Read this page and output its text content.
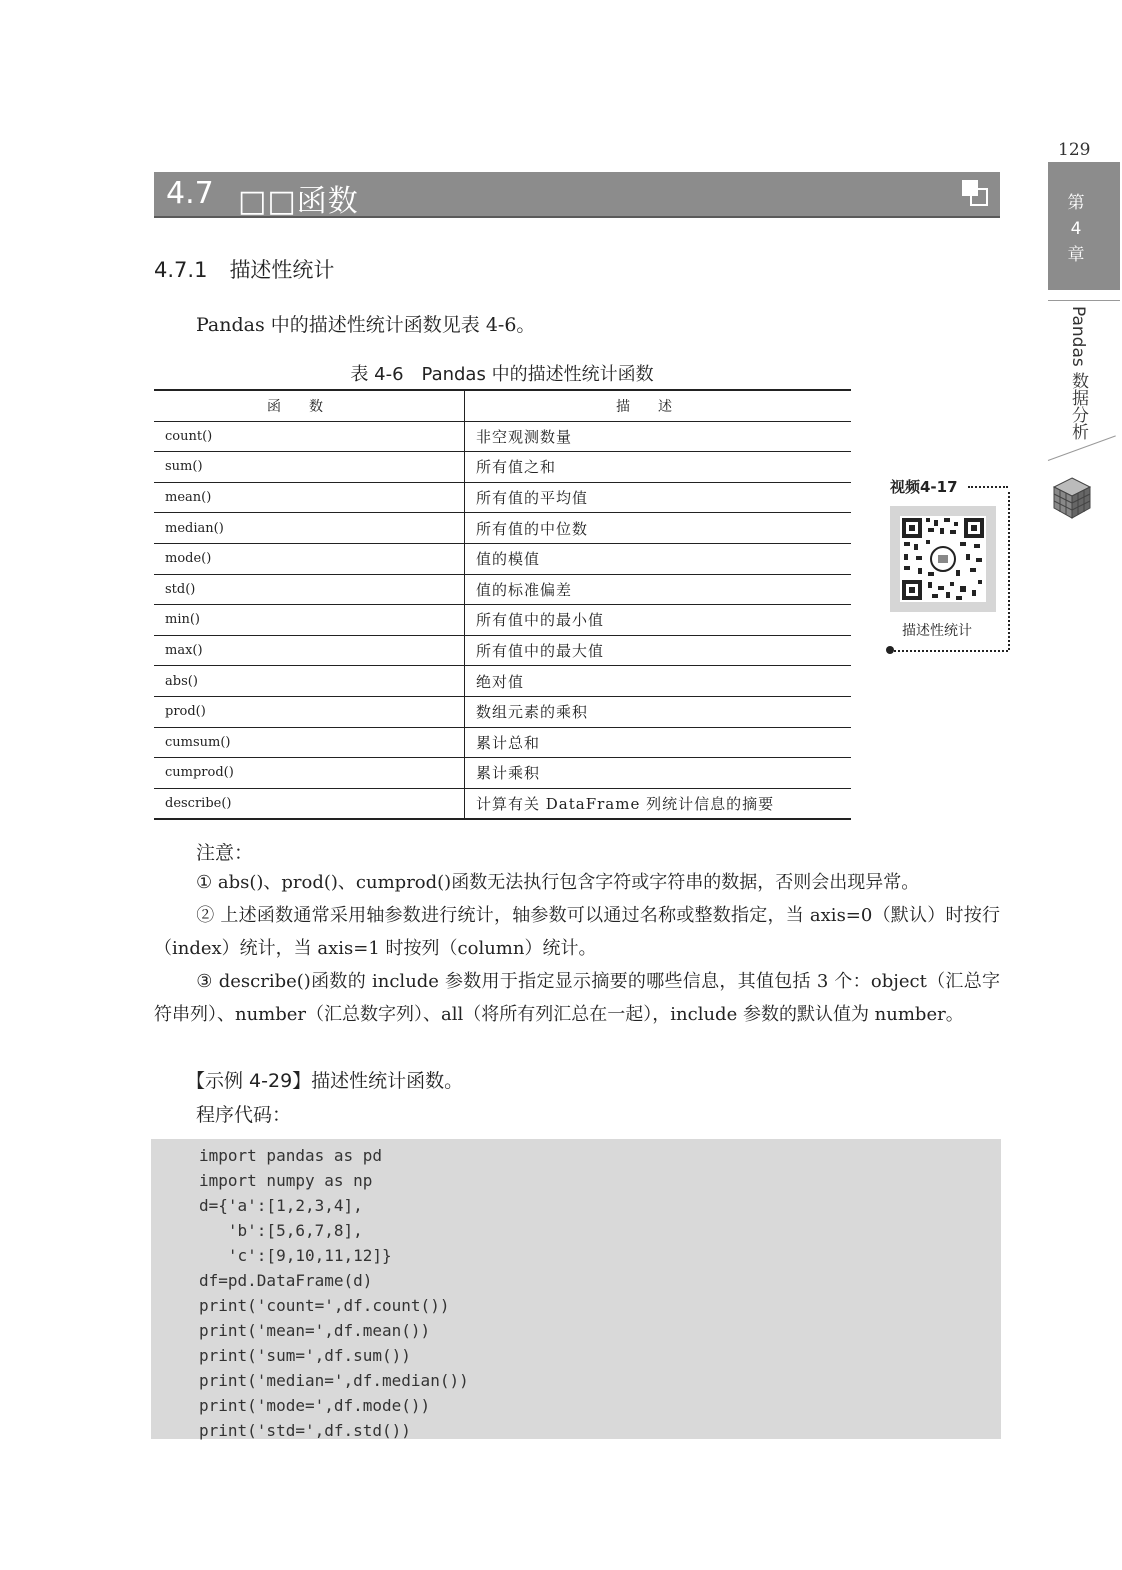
129
4.7 □□函数
4.7.1 描述性统计
Pandas 中的描述性统计函数见表 4-6。
表 4-6　Pandas 中的描述性统计函数
函数	描述
count()	非空观测数量
sum()	所有值之和
mean()	所有值的平均值
median()	所有值的中位数
mode()	值的模值
std()	值的标准偏差
min()	所有值中的最小值
max()	所有值中的最大值
abs()	绝对值
prod()	数组元素的乘积
cumsum()	累计总和
cumprod()	累计乘积
describe()	计算有关 DataFrame 列统计信息的摘要
视频4-17
描述性统计
第
4
章
Pandas 数据分析
注意：
① abs()、prod()、cumprod()函数无法执行包含字符或字符串的数据，否则会出现异常。
② 上述函数通常采用轴参数进行统计，轴参数可以通过名称或整数指定，当 axis=0（默认）时按行（index）统计，当 axis=1 时按列（column）统计。
③ describe()函数的 include 参数用于指定显示摘要的哪些信息，其值包括 3 个：object（汇总字符串列）、number（汇总数字列）、all（将所有列汇总在一起），include 参数的默认值为 number。
【示例 4-29】描述性统计函数。
程序代码：
import pandas as pd
import numpy as np
d={'a':[1,2,3,4],
'b':[5,6,7,8],
'c':[9,10,11,12]}
df=pd.DataFrame(d)
print('count=',df.count())
print('mean=',df.mean())
print('sum=',df.sum())
print('median=',df.median())
print('mode=',df.mode())
print('std=',df.std())
